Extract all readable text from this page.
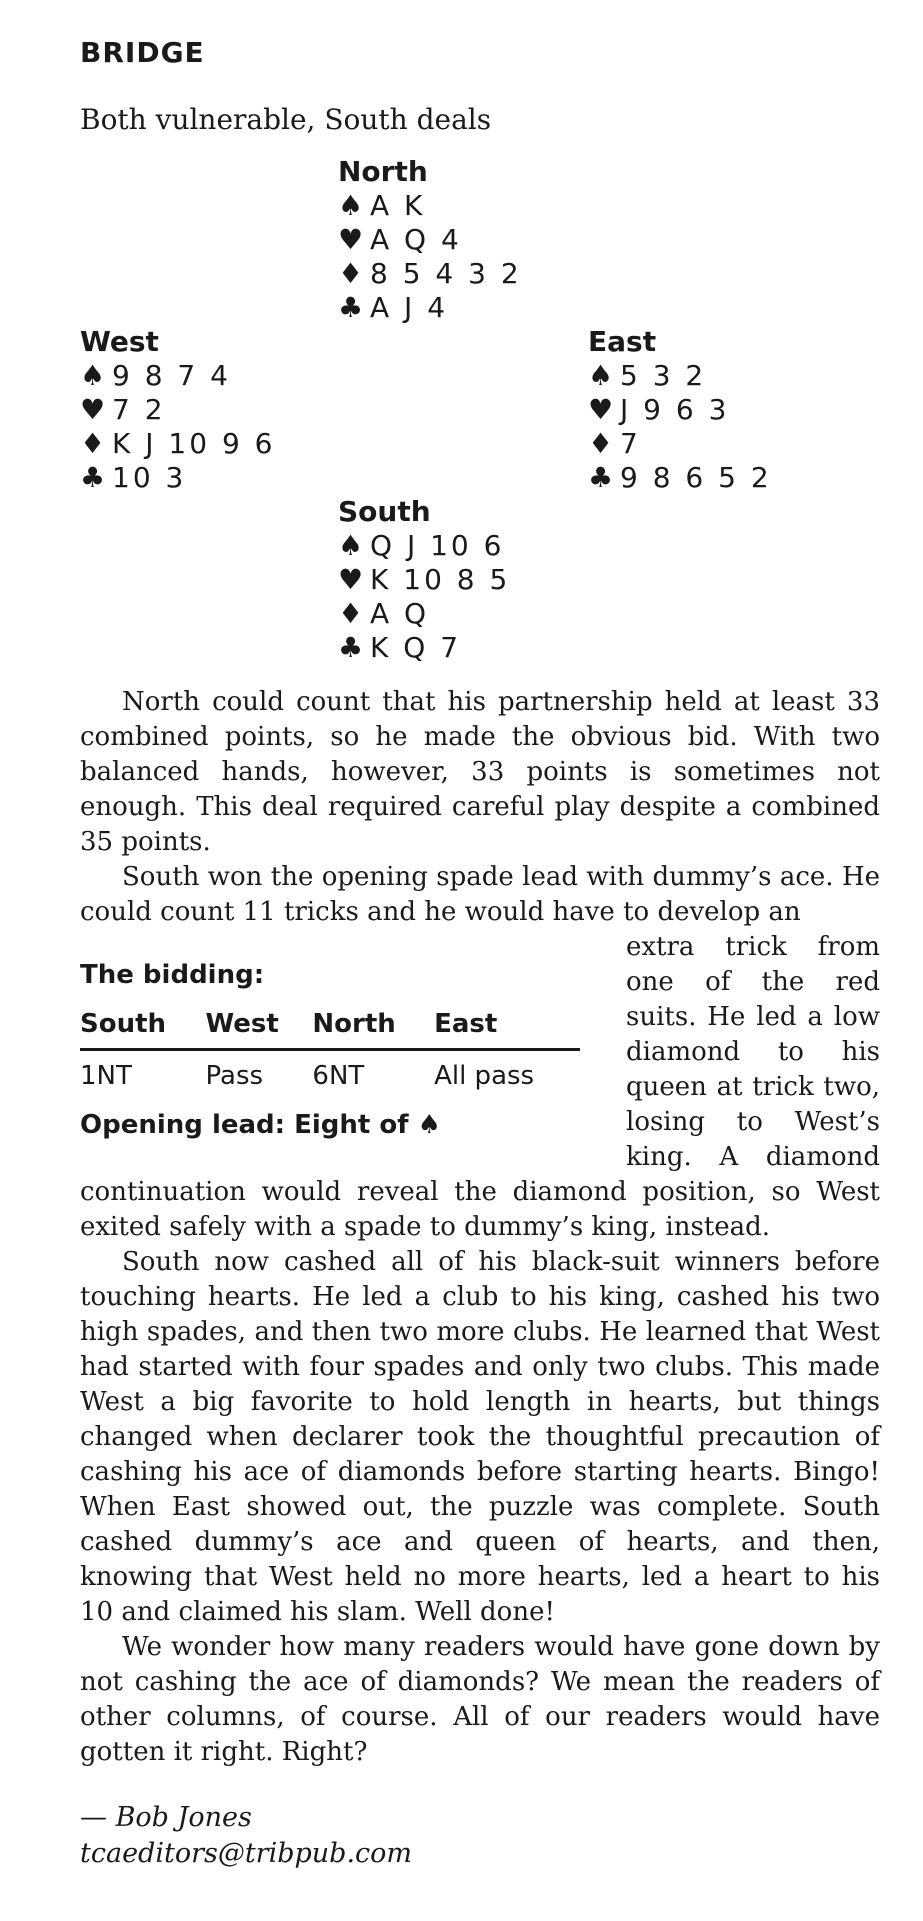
BRIDGE
Both vulnerable, South deals
North
♠ A K
♥ A Q 4
♦ 8 5 4 3 2
♣ A J 4
West
♠ 9 8 7 4
♥ 7 2
♦ K J 10 9 6
♣ 10 3
East
♠ 5 3 2
♥ J 9 6 3
♦ 7
♣ 9 8 6 5 2
South
♠ Q J 10 6
♥ K 10 8 5
♦ A Q
♣ K Q 7

North could count that his partnership held at least 33 combined points, so he made the obvious bid. With two balanced hands, however, 33 points is sometimes not enough. This deal required careful play despite a combined 35 points.

South won the opening spade lead with dummy’s ace. He could count 11 tricks and he would have to develop an

The bidding:
South	West	North	East
1NT	Pass	6NT	All pass
Opening lead: Eight of ♠

extra trick from one of the red suits. He led a low diamond to his queen at trick two, losing to West’s king. A diamond continuation would reveal the diamond position, so West exited safely with a spade to dummy’s king, instead.

South now cashed all of his black-suit winners before touching hearts. He led a club to his king, cashed his two high spades, and then two more clubs. He learned that West had started with four spades and only two clubs. This made West a big favorite to hold length in hearts, but things changed when declarer took the thoughtful precaution of cashing his ace of diamonds before starting hearts. Bingo! When East showed out, the puzzle was complete. South cashed dummy’s ace and queen of hearts, and then, knowing that West held no more hearts, led a heart to his 10 and claimed his slam. Well done!

We wonder how many readers would have gone down by not cashing the ace of diamonds? We mean the readers of other columns, of course. All of our readers would have gotten it right. Right?

— Bob Jones
tcaeditors@tribpub.com
